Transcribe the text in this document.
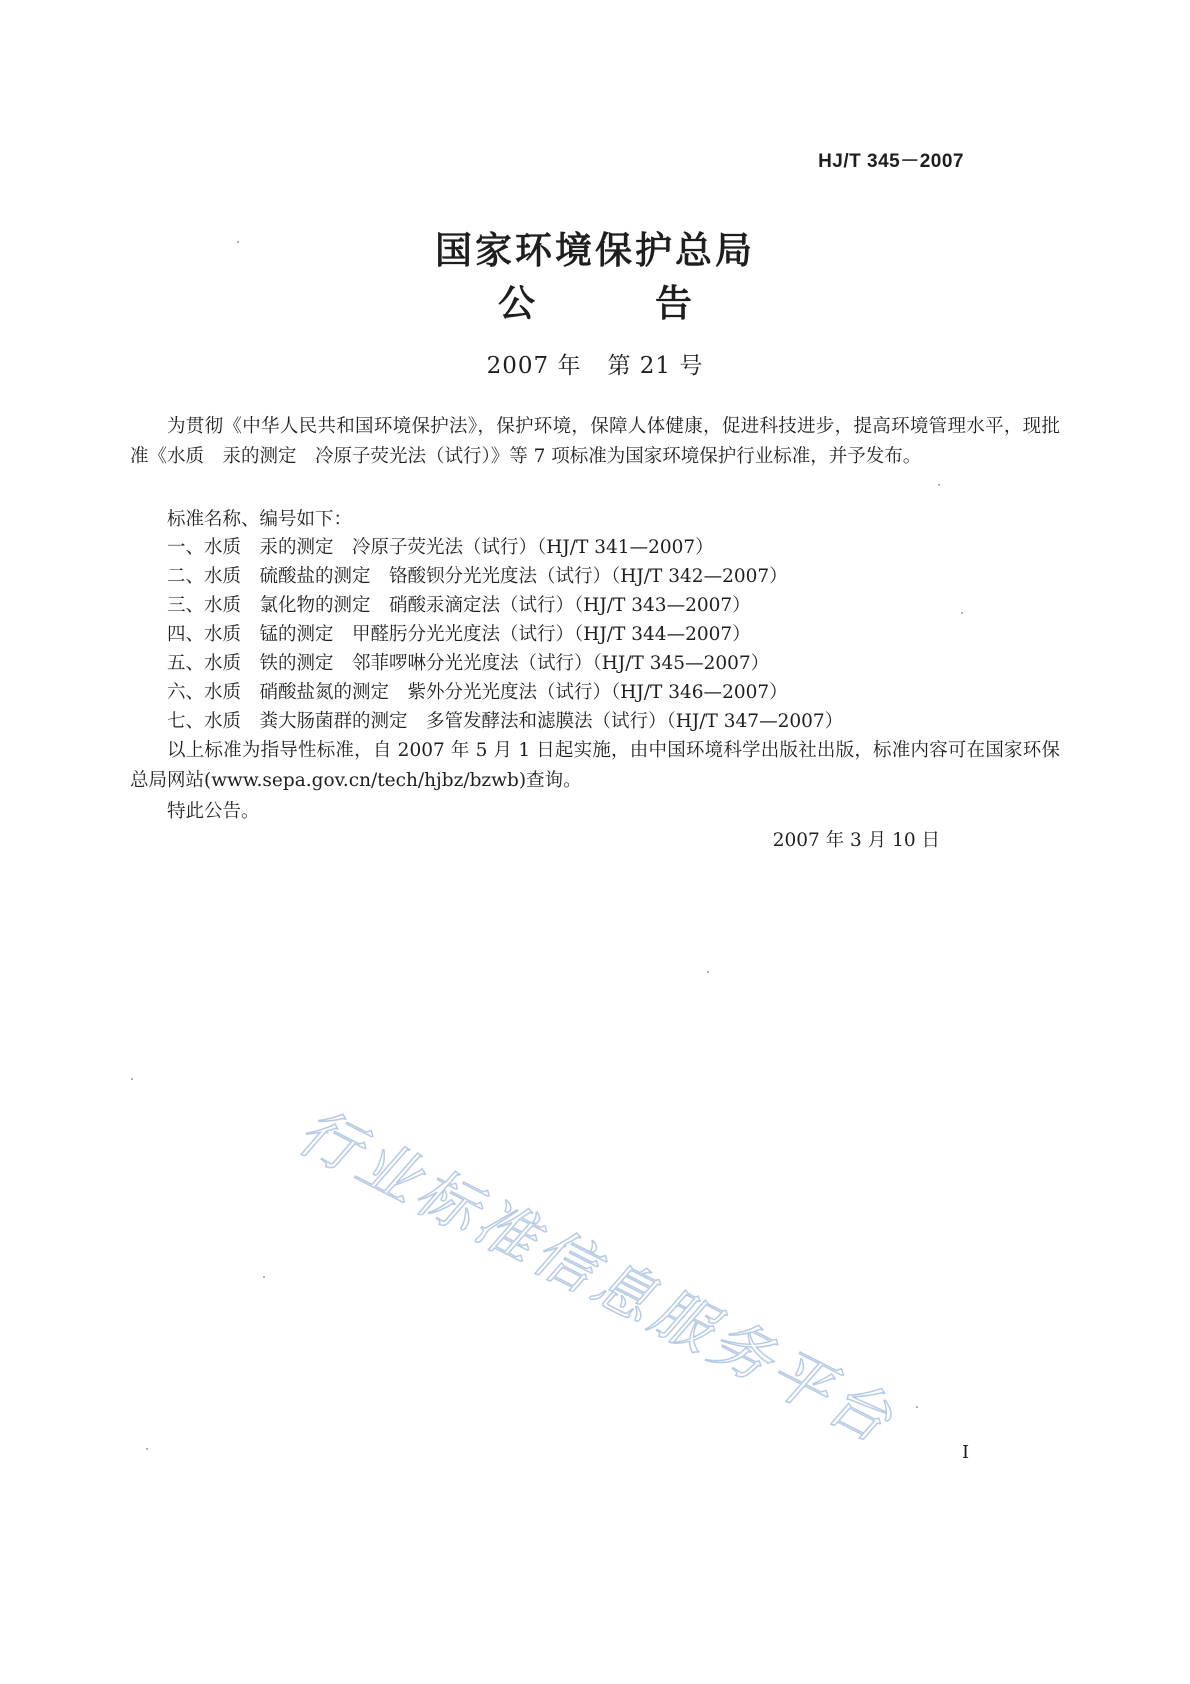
HJ/T 345－2007
国家环境保护总局
公	告
2007 年 第 21 号
为贯彻《中华人民共和国环境保护法》，保护环境，保障人体健康，促进科技进步，提高环境管理水平，现批准《水质　汞的测定　冷原子荧光法（试行）》等 7 项标准为国家环境保护行业标准，并予发布。
标准名称、编号如下：
一、水质　汞的测定　冷原子荧光法（试行）（HJ/T 341—2007）
二、水质　硫酸盐的测定　铬酸钡分光光度法（试行）（HJ/T 342—2007）
三、水质　氯化物的测定　硝酸汞滴定法（试行）（HJ/T 343—2007）
四、水质　锰的测定　甲醛肟分光光度法（试行）（HJ/T 344—2007）
五、水质　铁的测定　邻菲啰啉分光光度法（试行）（HJ/T 345—2007）
六、水质　硝酸盐氮的测定　紫外分光光度法（试行）（HJ/T 346—2007）
七、水质　粪大肠菌群的测定　多管发酵法和滤膜法（试行）（HJ/T 347—2007）
以上标准为指导性标准，自 2007 年 5 月 1 日起实施，由中国环境科学出版社出版，标准内容可在国家环保总局网站(www.sepa.gov.cn/tech/hjbz/bzwb)查询。
特此公告。
2007 年 3 月 10 日
行业标准信息服务平台	I
